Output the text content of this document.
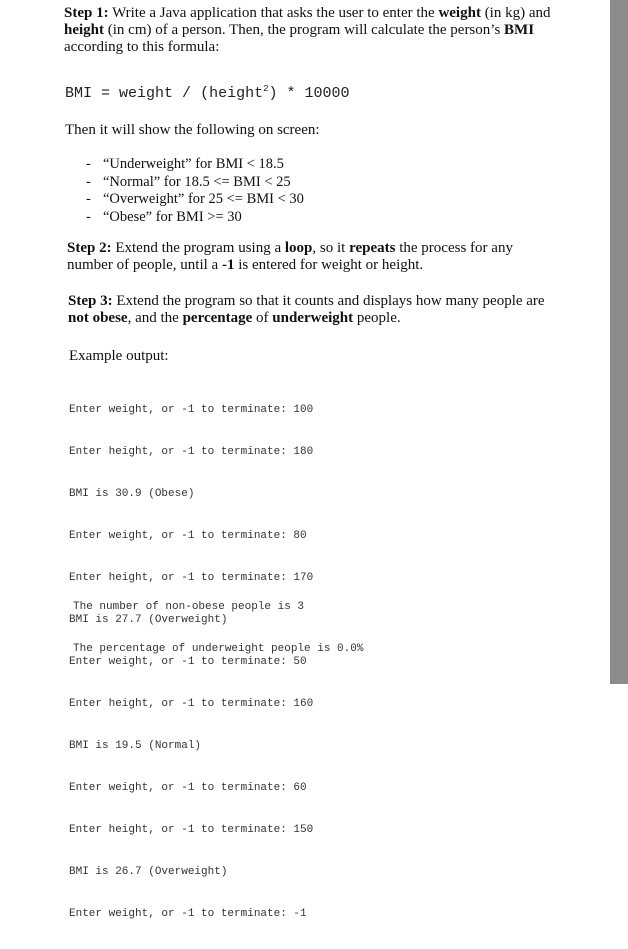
Step 1: Write a Java application that asks the user to enter the weight (in kg) and
height (in cm) of a person. Then, the program will calculate the person’s BMI
according to this formula:
BMI = weight / (height$^2$) * 10000
Then it will show the following on screen:
- “Underweight” for BMI < 18.5
- “Normal” for 18.5 <= BMI < 25
- “Overweight” for 25 <= BMI < 30
- “Obese” for BMI >= 30
Step 2: Extend the program using a loop, so it repeats the process for any
number of people, until a -1 is entered for weight or height.
Step 3: Extend the program so that it counts and displays how many people are
not obese, and the percentage of underweight people.
Example output:

Enter weight, or -1 to terminate: 100

Enter height, or -1 to terminate: 180

BMI is 30.9 (Obese)

Enter weight, or -1 to terminate: 80

Enter height, or -1 to terminate: 170

BMI is 27.7 (Overweight)

Enter weight, or -1 to terminate: 50

Enter height, or -1 to terminate: 160

BMI is 19.5 (Normal)

Enter weight, or -1 to terminate: 60

Enter height, or -1 to terminate: 150

BMI is 26.7 (Overweight)

Enter weight, or -1 to terminate: -1

The number of non-obese people is 3

The percentage of underweight people is 0.0%
